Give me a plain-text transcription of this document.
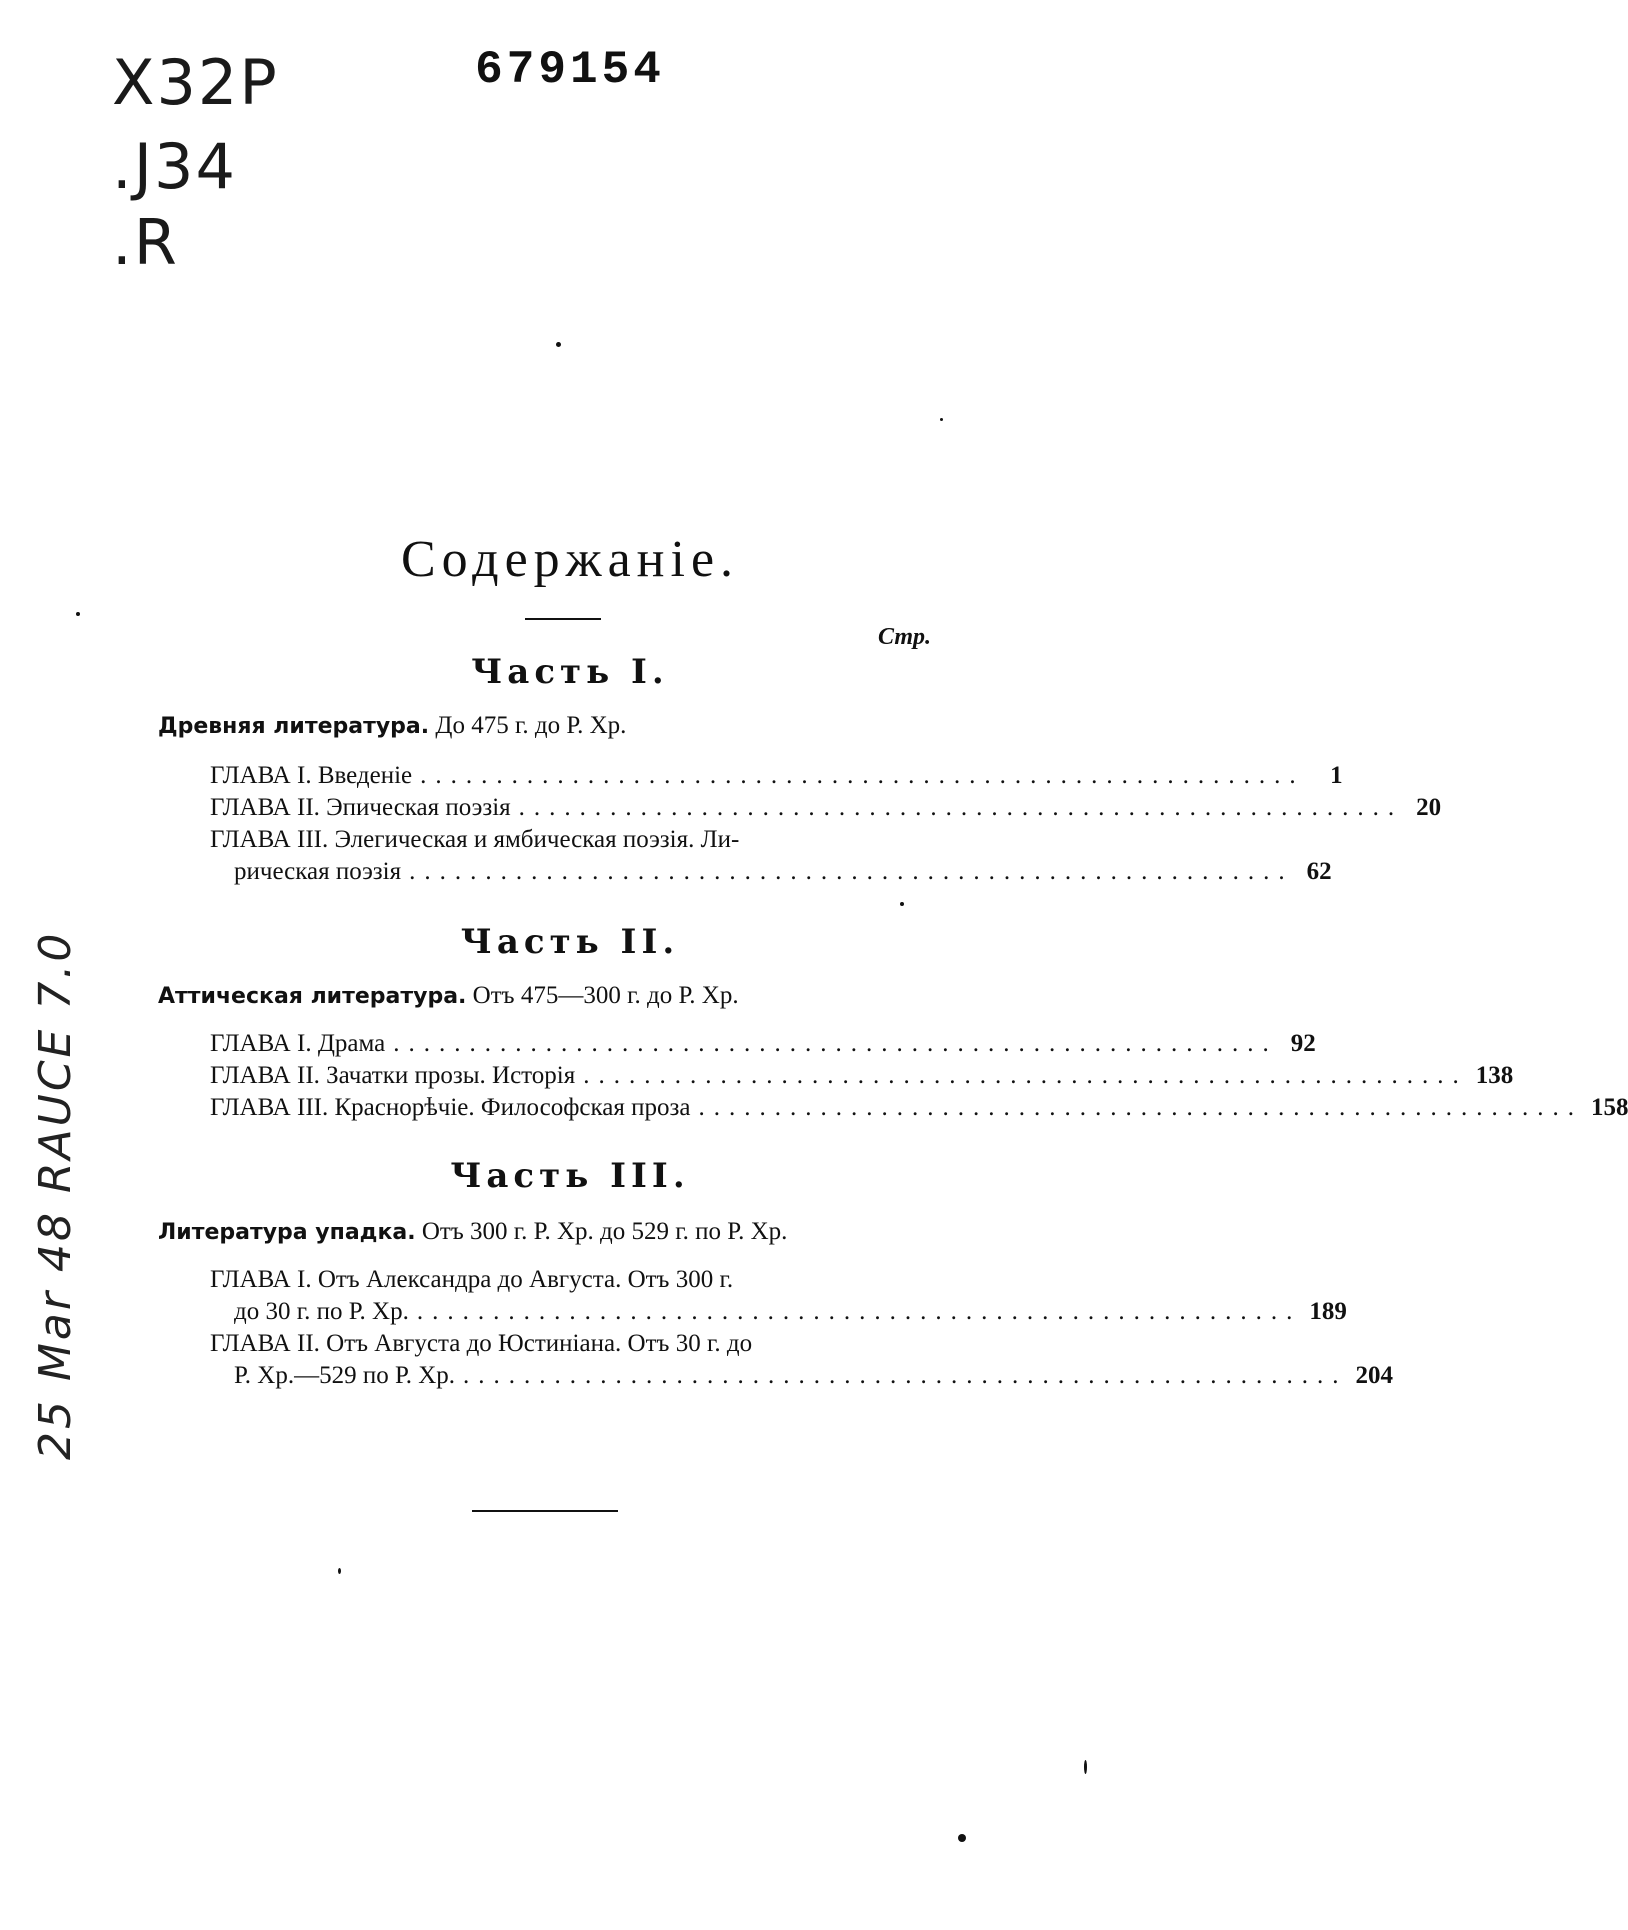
X32P
.J34
.R
679154
25 Mar 48 RAUCE 7.0
Содержаніе.
Стр.
Часть I.
Древняя литература. До 475 г. до Р. Хр.
ГЛАВА I. Введеніе ..........................................................	1
ГЛАВА II. Эпическая поэзія .......................................................... 20
ГЛАВА III. Элегическая и ямбическая поэзія. Ли-
рическая поэзія .......................................................... 62
Часть II.
Аттическая литература. Отъ 475—300 г. до Р. Хр.
ГЛАВА I. Драма .......................................................... 92
ГЛАВА II. Зачатки прозы. Исторія .......................................................... 138
ГЛАВА III. Краснорѣчіе. Философская проза .......................................................... 158
Часть III.
Литература упадка. Отъ 300 г. Р. Хр. до 529 г. по Р. Хр.
ГЛАВА I. Отъ Александра до Августа. Отъ 300 г.
до 30 г. по Р. Хр. .......................................................... 189
ГЛАВА II. Отъ Августа до Юстиніана. Отъ 30 г. до
Р. Хр.—529 по Р. Хр. .......................................................... 204
